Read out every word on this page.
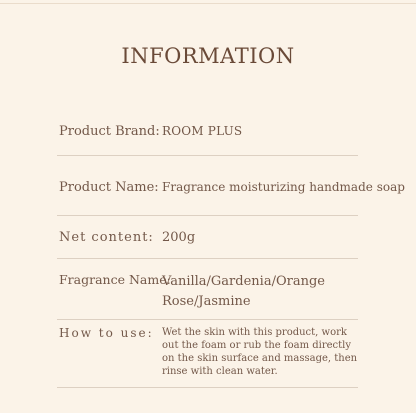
INFORMATION
Product Brand: ROOM PLUS
Product Name: Fragrance moisturizing handmade soap
Net content: 200g
Fragrance Name:
Vanilla/Gardenia/Orange
Rose/Jasmine
How to use: Wet the skin with this product, work out the foam or rub the foam directly on the skin surface and massage, then rinse with clean water.
